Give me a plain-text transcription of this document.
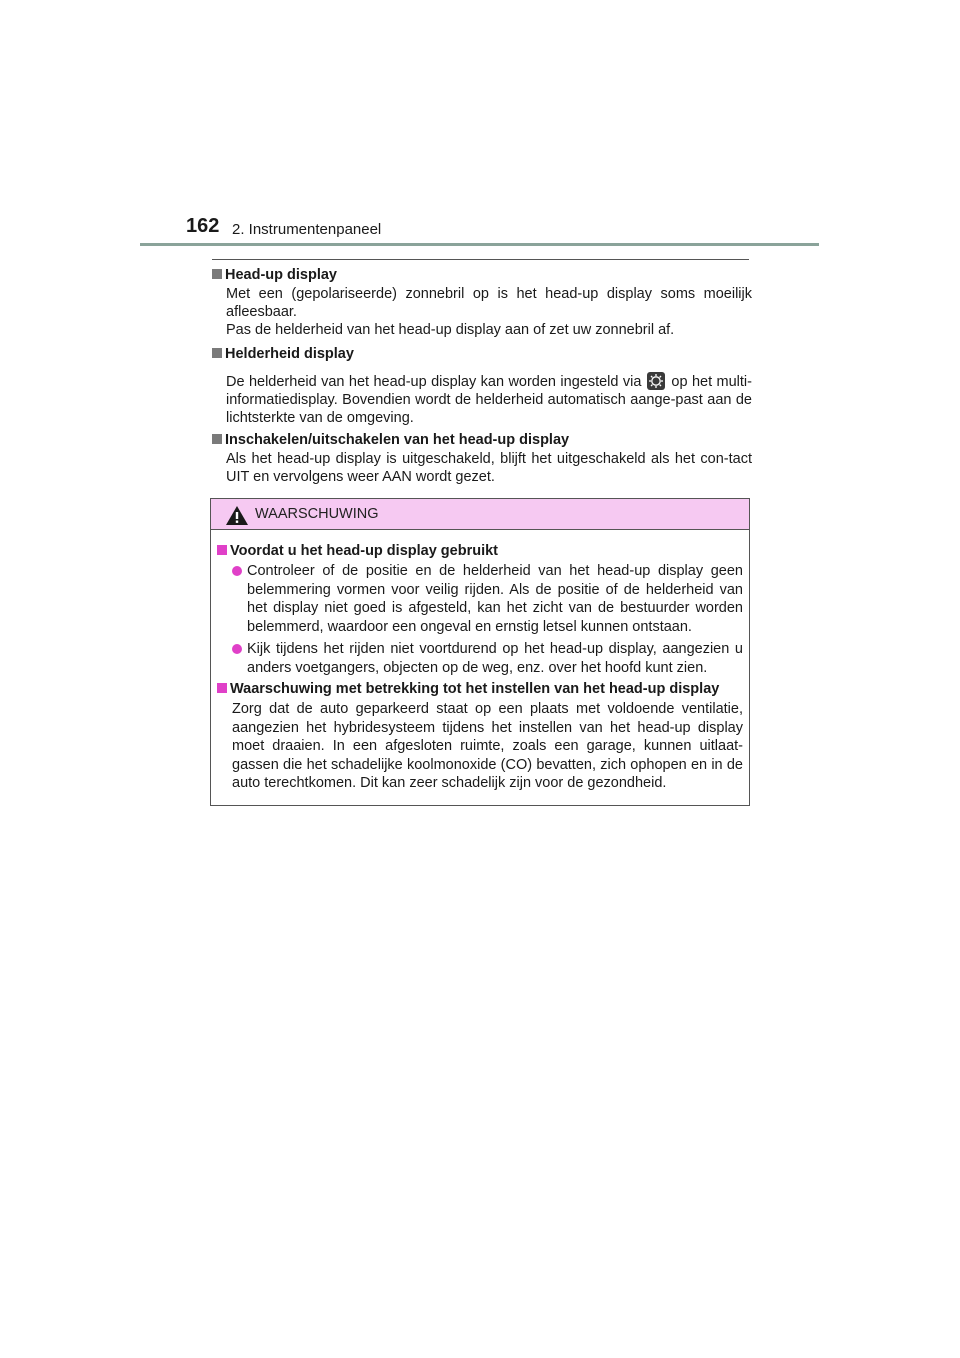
162 2. Instrumentenpaneel
Head-up display

Met een (gepolariseerde) zonnebril op is het head-up display soms moeilijk afleesbaar.

Pas de helderheid van het head-up display aan of zet uw zonnebril af.

Helderheid display

De helderheid van het head-up display kan worden ingesteld via op het multi-informatiedisplay. Bovendien wordt de helderheid automatisch aange-past aan de lichtsterkte van de omgeving.

Inschakelen/uitschakelen van het head-up display

Als het head-up display is uitgeschakeld, blijft het uitgeschakeld als het con-tact UIT en vervolgens weer AAN wordt gezet.

WAARSCHUWING
Voordat u het head-up display gebruikt

Controleer of de positie en de helderheid van het head-up display geen belemmering vormen voor veilig rijden. Als de positie of de helderheid van het display niet goed is afgesteld, kan het zicht van de bestuurder worden belemmerd, waardoor een ongeval en ernstig letsel kunnen ontstaan.

Kijk tijdens het rijden niet voortdurend op het head-up display, aangezien u anders voetgangers, objecten op de weg, enz. over het hoofd kunt zien.

Waarschuwing met betrekking tot het instellen van het head-up display

Zorg dat de auto geparkeerd staat op een plaats met voldoende ventilatie, aangezien het hybridesysteem tijdens het instellen van het head-up display moet draaien. In een afgesloten ruimte, zoals een garage, kunnen uitlaat-gassen die het schadelijke koolmonoxide (CO) bevatten, zich ophopen en in de auto terechtkomen. Dit kan zeer schadelijk zijn voor de gezondheid.
